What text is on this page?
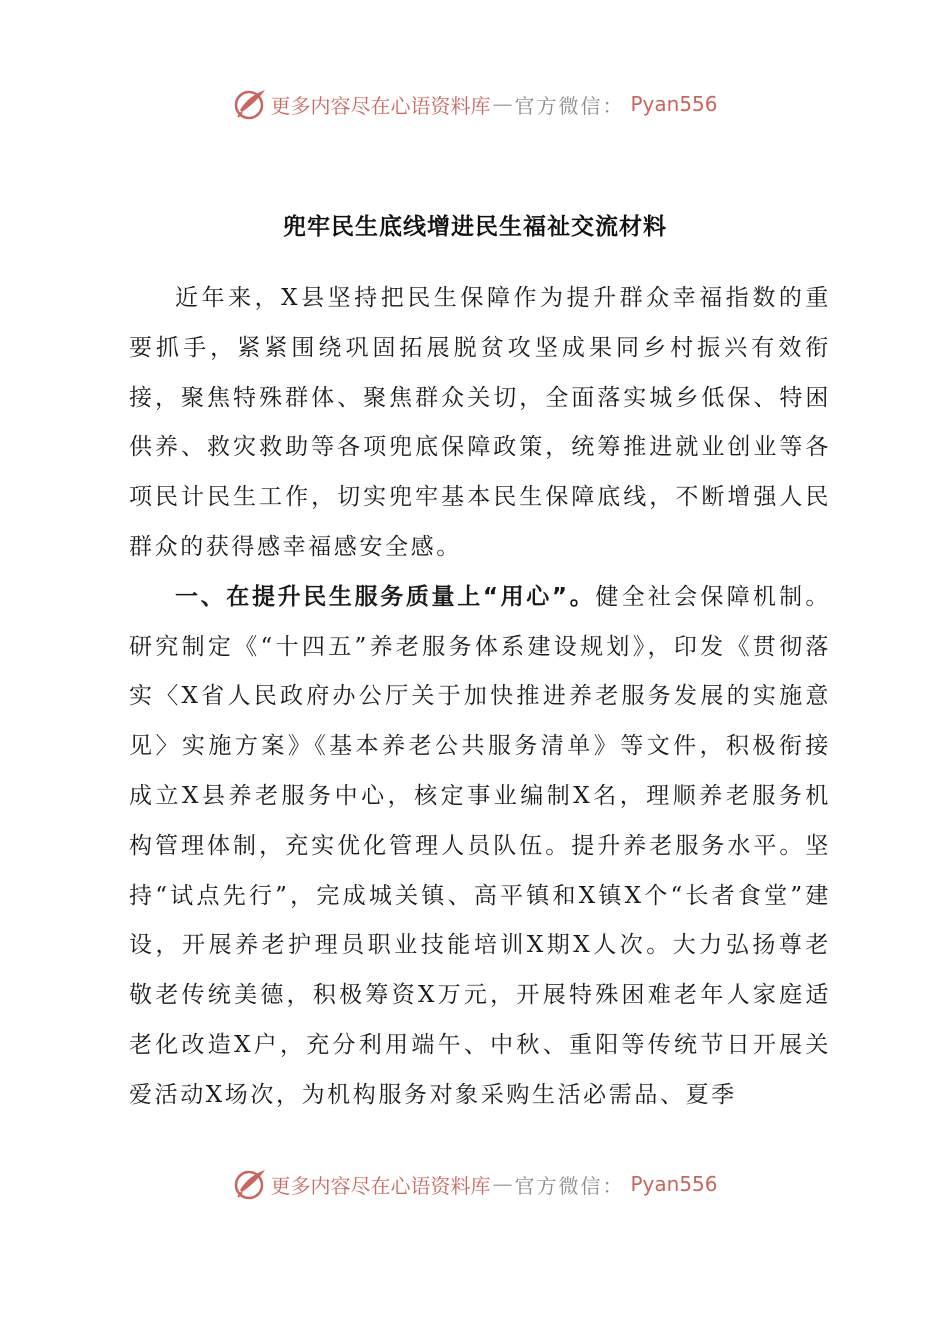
更多内容尽在心语资料库 — 官方微信： Pyan556
兜牢民生底线增进民生福祉交流材料

近年来，X县坚持把民生保障作为提升群众幸福指数的重要抓手，紧紧围绕巩固拓展脱贫攻坚成果同乡村振兴有效衔接，聚焦特殊群体、聚焦群众关切，全面落实城乡低保、特困供养、救灾救助等各项兜底保障政策，统筹推进就业创业等各项民计民生工作，切实兜牢基本民生保障底线，不断增强人民群众的获得感幸福感安全感。

一、在提升民生服务质量上“用心”。健全社会保障机制。研究制定《“十四五”养老服务体系建设规划》，印发《贯彻落实〈X省人民政府办公厅关于加快推进养老服务发展的实施意见〉实施方案》《基本养老公共服务清单》等文件，积极衔接成立X县养老服务中心，核定事业编制X名，理顺养老服务机构管理体制，充实优化管理人员队伍。提升养老服务水平。坚持“试点先行”，完成城关镇、高平镇和X镇X个“长者食堂”建设，开展养老护理员职业技能培训X期X人次。大力弘扬尊老敬老传统美德，积极筹资X万元，开展特殊困难老年人家庭适老化改造X户，充分利用端午、中秋、重阳等传统节日开展关爱活动X场次，为机构服务对象采购生活必需品、夏季

更多内容尽在心语资料库 — 官方微信： Pyan556
